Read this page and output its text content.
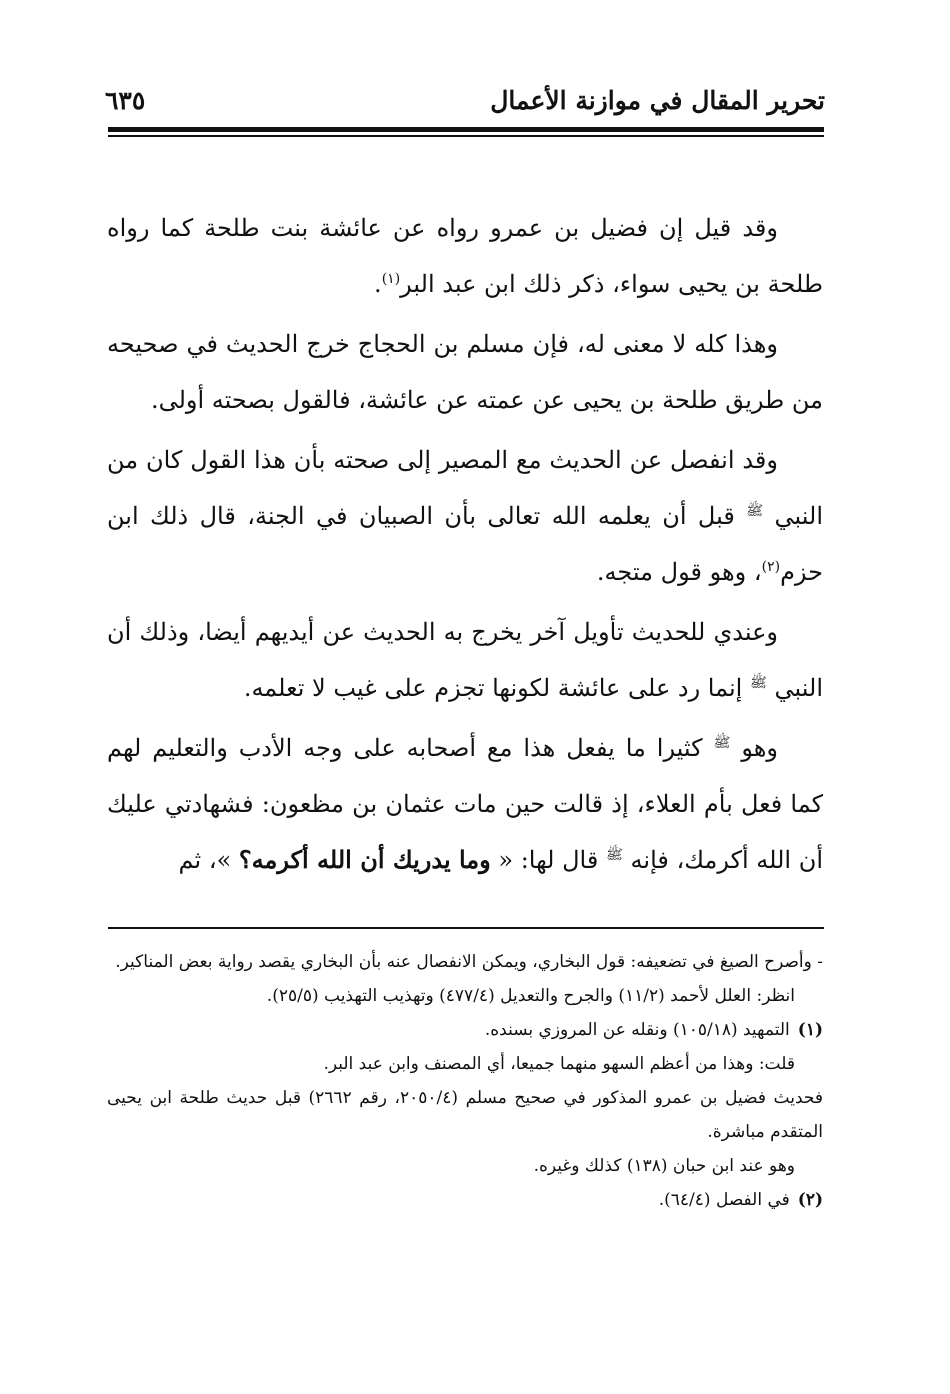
تحرير المقال في موازنة الأعمال
٦٣٥

وقد قيل إن فضيل بن عمرو رواه عن عائشة بنت طلحة كما رواه طلحة بن يحيى سواء، ذكر ذلك ابن عبد البر$^{(١)}$.

وهذا كله لا معنى له، فإن مسلم بن الحجاج خرج الحديث في صحيحه من طريق طلحة بن يحيى عن عمته عن عائشة، فالقول بصحته أولى.

وقد انفصل عن الحديث مع المصير إلى صحته بأن هذا القول كان من النبي $^ﷺ$ قبل أن يعلمه الله تعالى بأن الصبيان في الجنة، قال ذلك ابن حزم$^{(٢)}$، وهو قول متجه.

وعندي للحديث تأويل آخر يخرج به الحديث عن أيديهم أيضا، وذلك أن النبي $^ﷺ$ إنما رد على عائشة لكونها تجزم على غيب لا تعلمه.

وهو $^ﷺ$ كثيرا ما يفعل هذا مع أصحابه على وجه الأدب والتعليم لهم كما فعل بأم العلاء، إذ قالت حين مات عثمان بن مظعون: فشهادتي عليك أن الله أكرمك، فإنه $^ﷺ$ قال لها: « وما يدريك أن الله أكرمه؟ »، ثم

- وأصرح الصيغ في تضعيفه: قول البخاري، ويمكن الانفصال عنه بأن البخاري يقصد رواية بعض المناكير.

انظر: العلل لأحمد (١١/٢) والجرح والتعديل (٤٧٧/٤) وتهذيب التهذيب (٢٥/٥).

(١)التمهيد (١٠٥/١٨) ونقله عن المروزي بسنده.

قلت: وهذا من أعظم السهو منهما جميعا، أي المصنف وابن عبد البر.

فحديث فضيل بن عمرو المذكور في صحيح مسلم (٢٠٥٠/٤، رقم ٢٦٦٢) قبل حديث طلحة ابن يحيى المتقدم مباشرة.

وهو عند ابن حبان (١٣٨) كذلك وغيره.

(٢)في الفصل (٦٤/٤).
